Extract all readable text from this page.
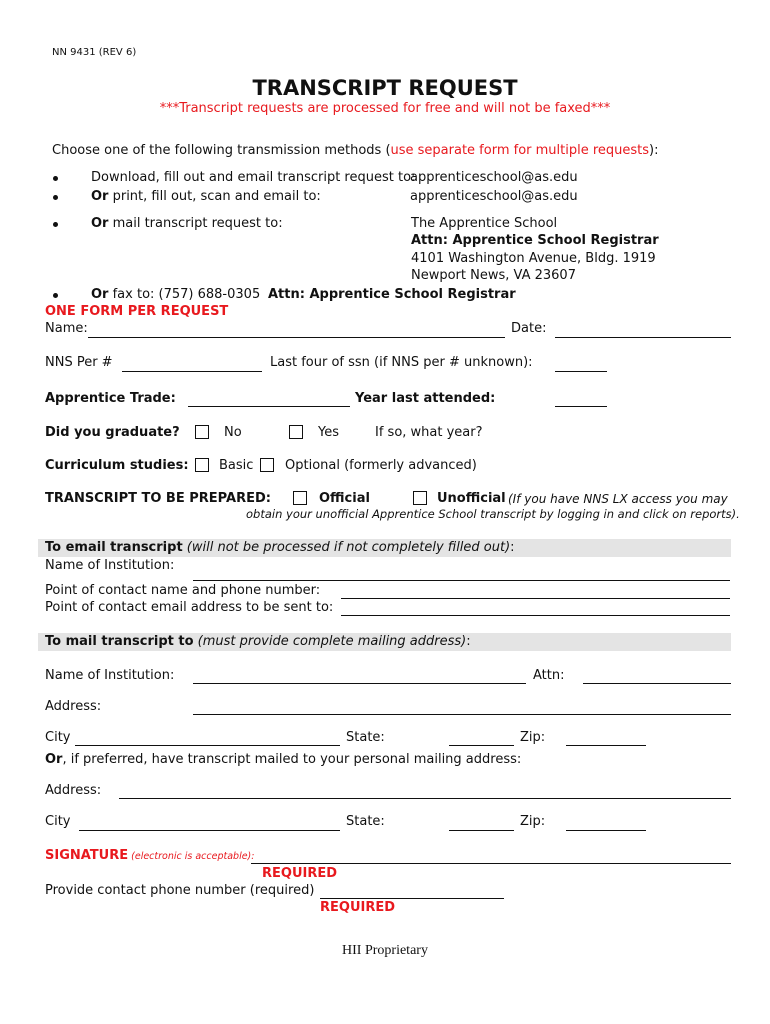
NN 9431 (REV 6)
TRANSCRIPT REQUEST
***Transcript requests are processed for free and will not be faxed***
Choose one of the following transmission methods (use separate form for multiple requests):
Download, fill out and email transcript request to:
apprenticeschool@as.edu
Or print, fill out, scan and email to:	apprenticeschool@as.edu
Or mail transcript request to:	The Apprentice School
Attn: Apprentice School Registrar
4101 Washington Avenue, Bldg. 1919
Newport News, VA 23607
Or fax to: (757) 688-0305 Attn: Apprentice School Registrar
ONE FORM PER REQUEST
Name:	Date:
NNS Per #	Last four of ssn (if NNS per # unknown):
Apprentice Trade:	Year last attended:
Did you graduate?	No	Yes	If so, what year?
Curriculum studies: Basic Optional (formerly advanced)
TRANSCRIPT TO BE PREPARED:	Official	Unofficial (If you have NNS LX access you may
obtain your unofficial Apprentice School transcript by logging in and click on reports).
To email transcript (will not be processed if not completely filled out):
Name of Institution:
Point of contact name and phone number:
Point of contact email address to be sent to:
To mail transcript to (must provide complete mailing address):
Name of Institution:	Attn:
Address:
City	State:	Zip:
Or, if preferred, have transcript mailed to your personal mailing address:
Address:
City	State:	Zip:
SIGNATURE (electronic is acceptable):
REQUIRED
Provide contact phone number (required)
REQUIRED
HII Proprietary
